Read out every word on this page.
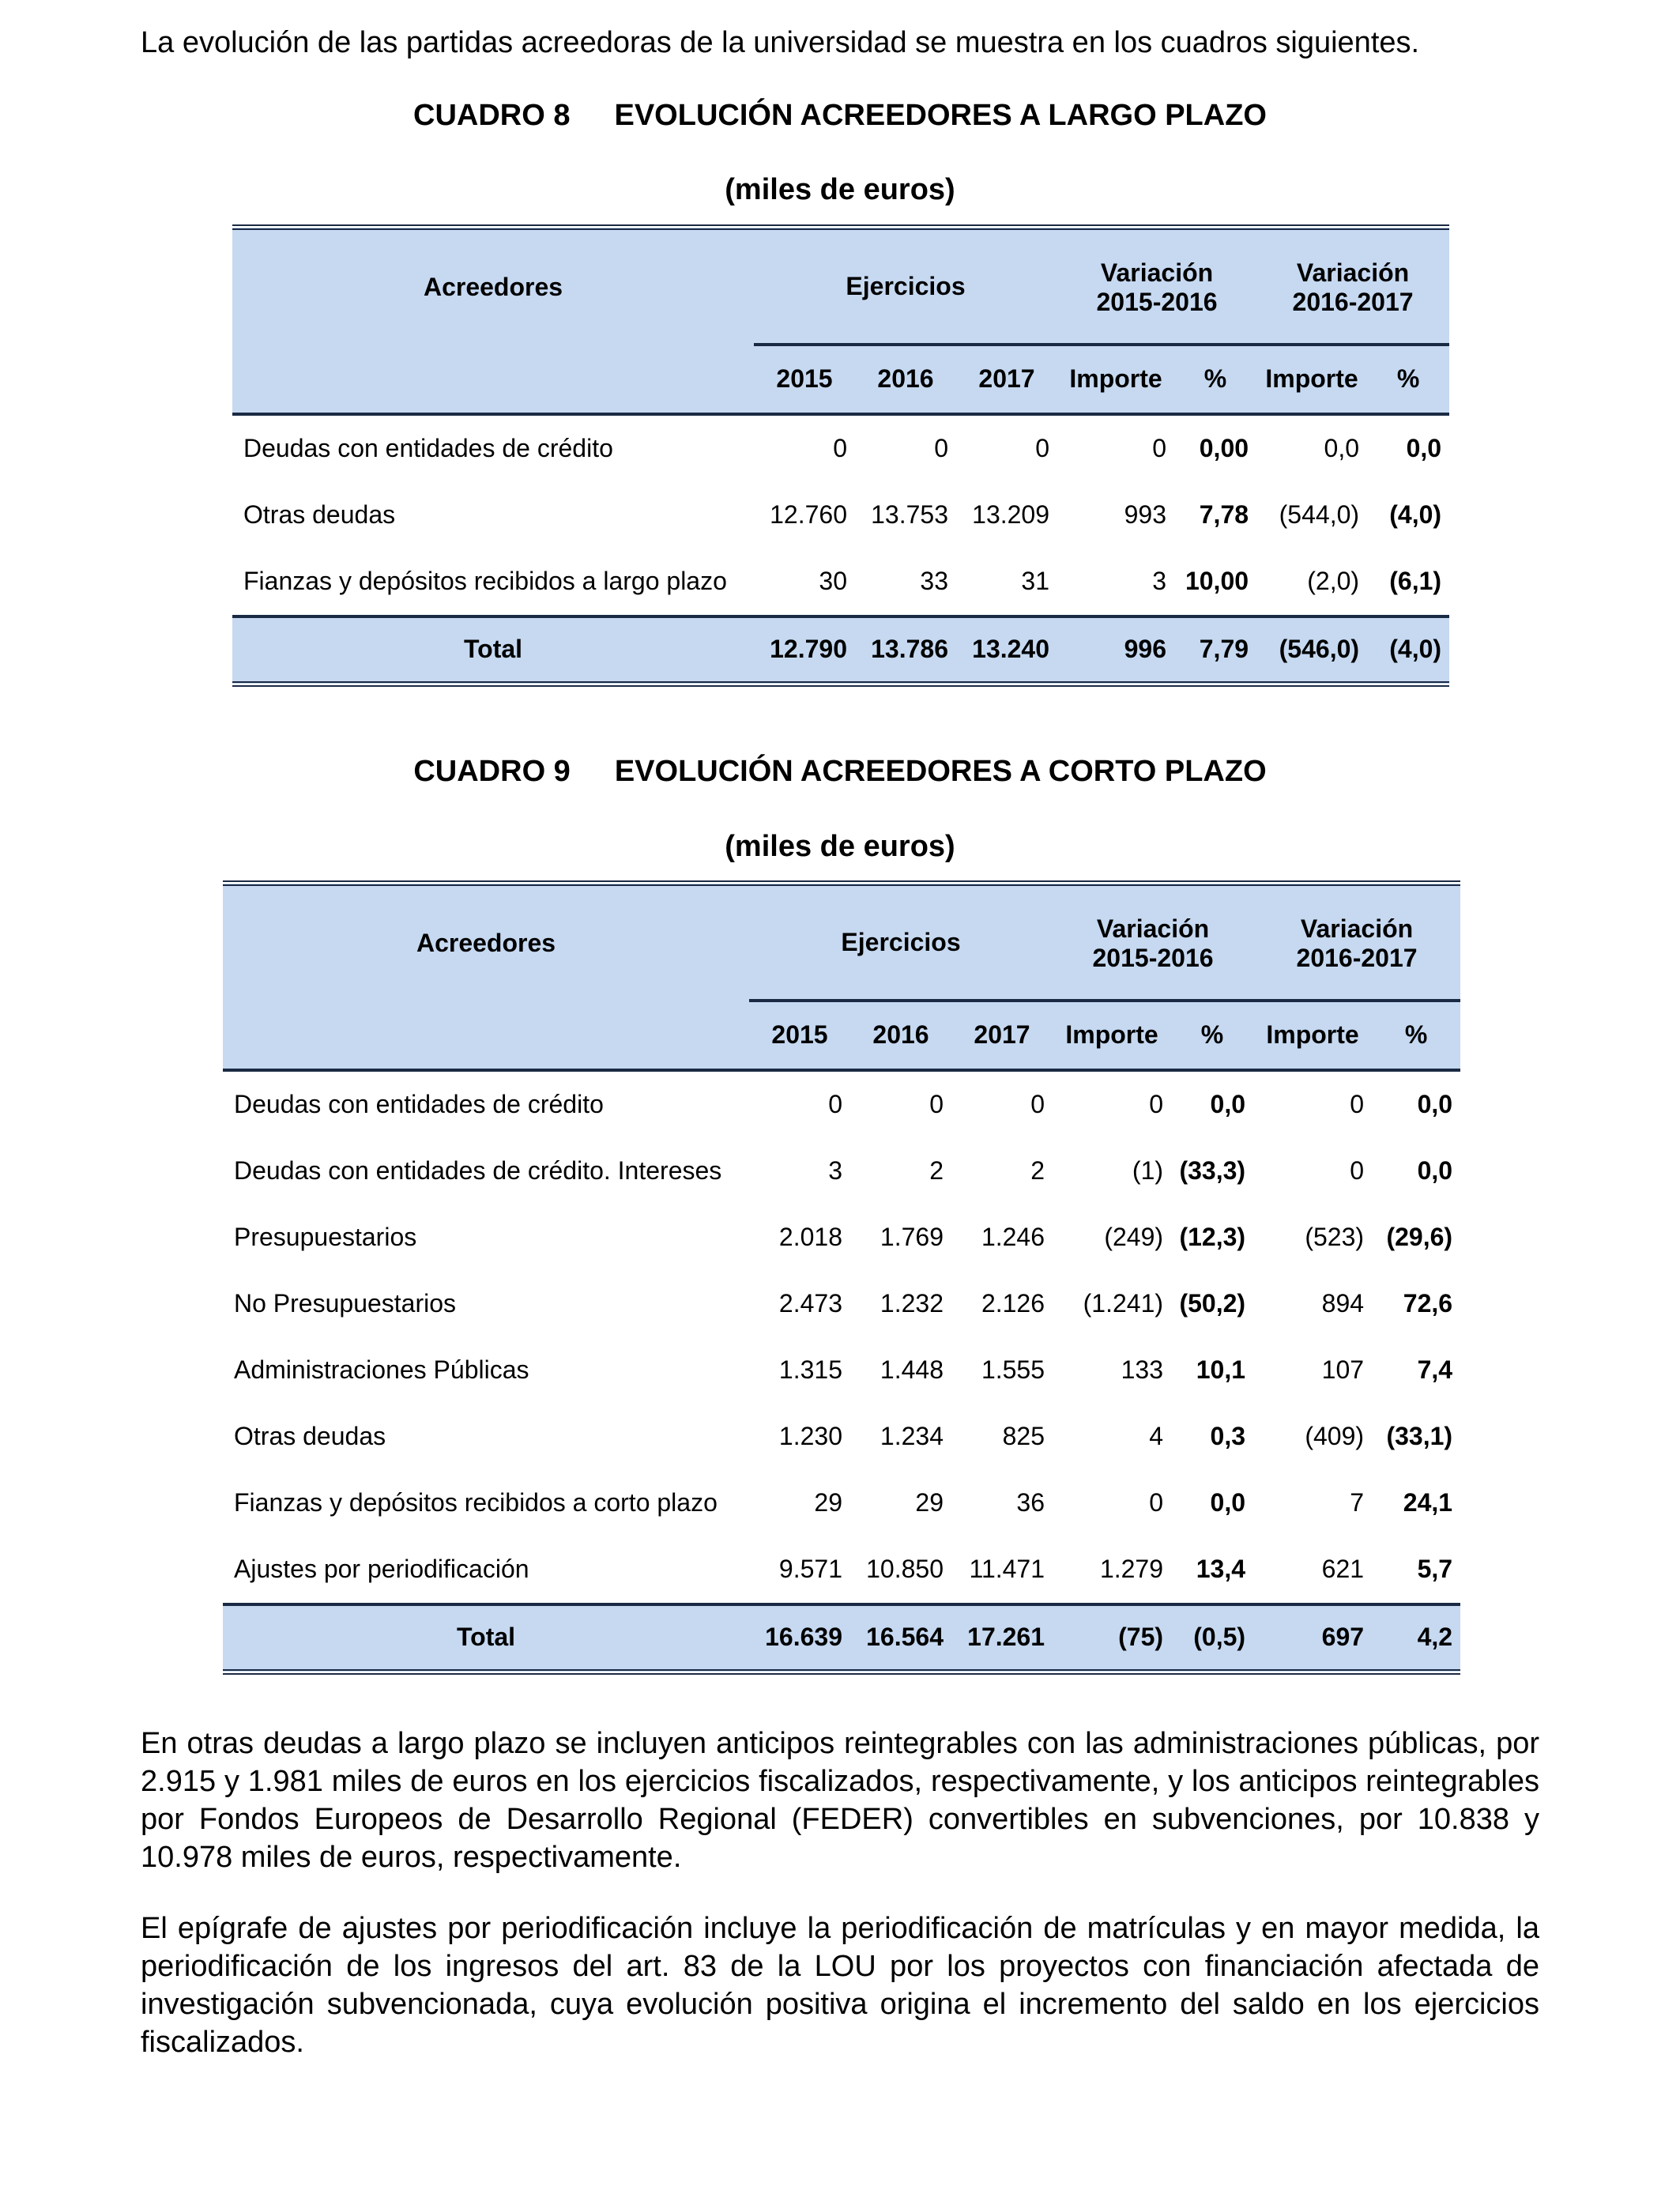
La evolución de las partidas acreedoras de la universidad se muestra en los cuadros siguientes.

CUADRO 8 EVOLUCIÓN ACREEDORES A LARGO PLAZO

(miles de euros)

Acreedores	Ejercicios			Variación		Variación	
				2015-2016		2016-2017	
	2015	2016	2017	Importe	%	Importe	%
Deudas con entidades de crédito	0	0	0	0	0,00	0,0	0,0
Otras deudas	12.760	13.753	13.209	993	7,78	(544,0)	(4,0)
Fianzas y depósitos recibidos a largo plazo	30	33	31	3	10,00	(2,0)	(6,1)
Total	12.790	13.786	13.240	996	7,79	(546,0)	(4,0)

CUADRO 9 EVOLUCIÓN ACREEDORES A CORTO PLAZO

(miles de euros)

Acreedores	Ejercicios			Variación		Variación	
				2015-2016		2016-2017	
	2015	2016	2017	Importe	%	Importe	%
Deudas con entidades de crédito	0	0	0	0	0,0	0	0,0
Deudas con entidades de crédito. Intereses	3	2	2	(1)	(33,3)	0	0,0
Presupuestarios	2.018	1.769	1.246	(249)	(12,3)	(523)	(29,6)
No Presupuestarios	2.473	1.232	2.126	(1.241)	(50,2)	894	72,6
Administraciones Públicas	1.315	1.448	1.555	133	10,1	107	7,4
Otras deudas	1.230	1.234	825	4	0,3	(409)	(33,1)
Fianzas y depósitos recibidos a corto plazo	29	29	36	0	0,0	7	24,1
Ajustes por periodificación	9.571	10.850	11.471	1.279	13,4	621	5,7
Total	16.639	16.564	17.261	(75)	(0,5)	697	4,2

En otras deudas a largo plazo se incluyen anticipos reintegrables con las administraciones públicas, por 2.915 y 1.981 miles de euros en los ejercicios fiscalizados, respectivamente, y los anticipos reintegrables por Fondos Europeos de Desarrollo Regional (FEDER) convertibles en subvenciones, por 10.838 y 10.978 miles de euros, respectivamente.

El epígrafe de ajustes por periodificación incluye la periodificación de matrículas y en mayor medida, la periodificación de los ingresos del art. 83 de la LOU por los proyectos con financiación afectada de investigación subvencionada, cuya evolución positiva origina el incremento del saldo en los ejercicios fiscalizados.
